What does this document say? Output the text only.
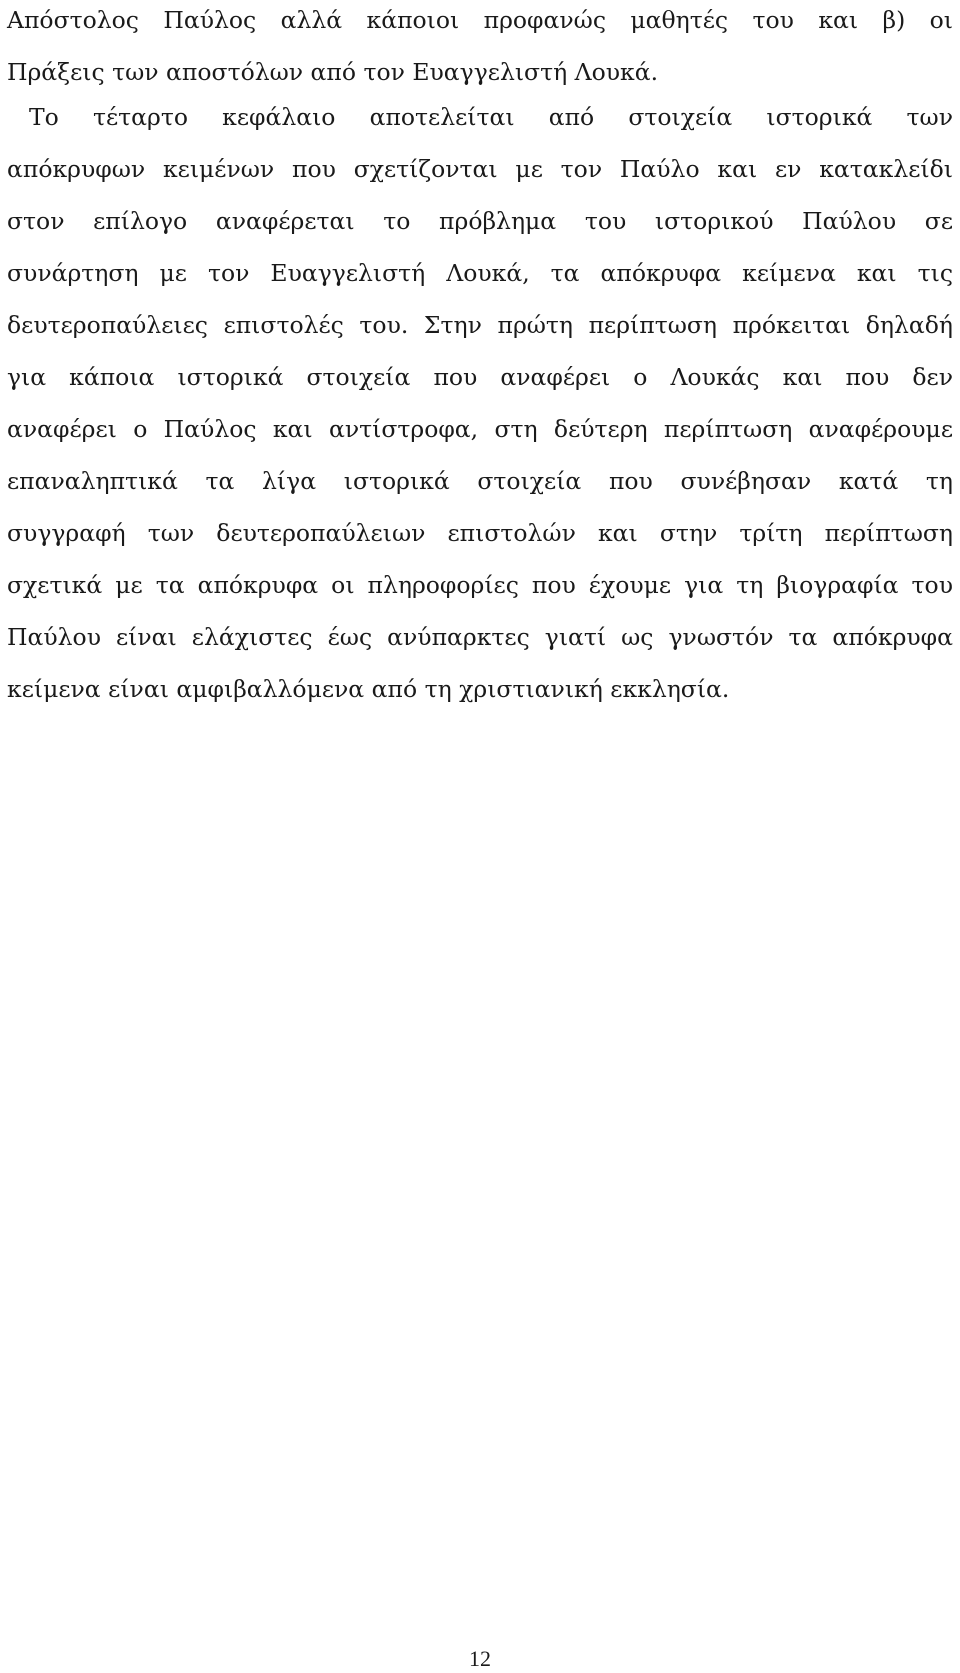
Απόστολος Παύλος αλλά κάποιοι προφανώς μαθητές του και β) οι
Πράξεις των αποστόλων από τον Ευαγγελιστή Λουκά.
Το τέταρτο κεφάλαιο αποτελείται από στοιχεία ιστορικά των
απόκρυφων κειμένων που σχετίζονται με τον Παύλο και εν κατακλείδι
στον επίλογο αναφέρεται το πρόβλημα του ιστορικού Παύλου σε
συνάρτηση με τον Ευαγγελιστή Λουκά, τα απόκρυφα κείμενα και τις
δευτεροπαύλειες επιστολές του. Στην πρώτη περίπτωση πρόκειται δηλαδή
για κάποια ιστορικά στοιχεία που αναφέρει ο Λουκάς και που δεν
αναφέρει ο Παύλος και αντίστροφα, στη δεύτερη περίπτωση αναφέρουμε
επαναληπτικά τα λίγα ιστορικά στοιχεία που συνέβησαν κατά τη
συγγραφή των δευτεροπαύλειων επιστολών και στην τρίτη περίπτωση
σχετικά με τα απόκρυφα οι πληροφορίες που έχουμε για τη βιογραφία του
Παύλου είναι ελάχιστες έως ανύπαρκτες γιατί ως γνωστόν τα απόκρυφα
κείμενα είναι αμφιβαλλόμενα από τη χριστιανική εκκλησία.
12
